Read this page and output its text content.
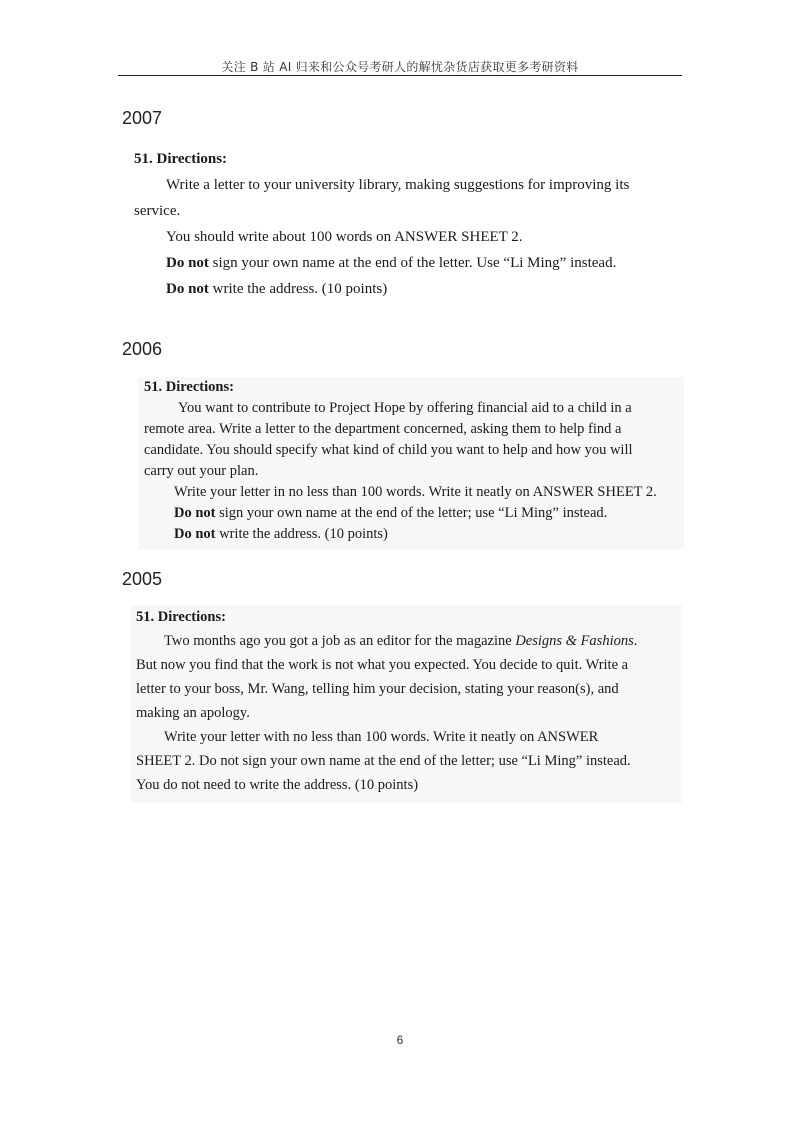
关注 B 站 AI 归来和公众号考研人的解忧杂货店获取更多考研资料
2007
51. Directions:
Write a letter to your university library, making suggestions for improving its
service.
You should write about 100 words on ANSWER SHEET 2.
Do not sign your own name at the end of the letter. Use “Li Ming” instead.
Do not write the address. (10 points)
2006
51. Directions:
You want to contribute to Project Hope by offering financial aid to a child in a
remote area. Write a letter to the department concerned, asking them to help find a
candidate. You should specify what kind of child you want to help and how you will
carry out your plan.
Write your letter in no less than 100 words. Write it neatly on ANSWER SHEET 2.
Do not sign your own name at the end of the letter; use “Li Ming” instead.
Do not write the address. (10 points)
2005
51. Directions:
Two months ago you got a job as an editor for the magazine Designs & Fashions.
But now you find that the work is not what you expected. You decide to quit. Write a
letter to your boss, Mr. Wang, telling him your decision, stating your reason(s), and
making an apology.
Write your letter with no less than 100 words. Write it neatly on ANSWER
SHEET 2. Do not sign your own name at the end of the letter; use “Li Ming” instead.
You do not need to write the address. (10 points)
6
